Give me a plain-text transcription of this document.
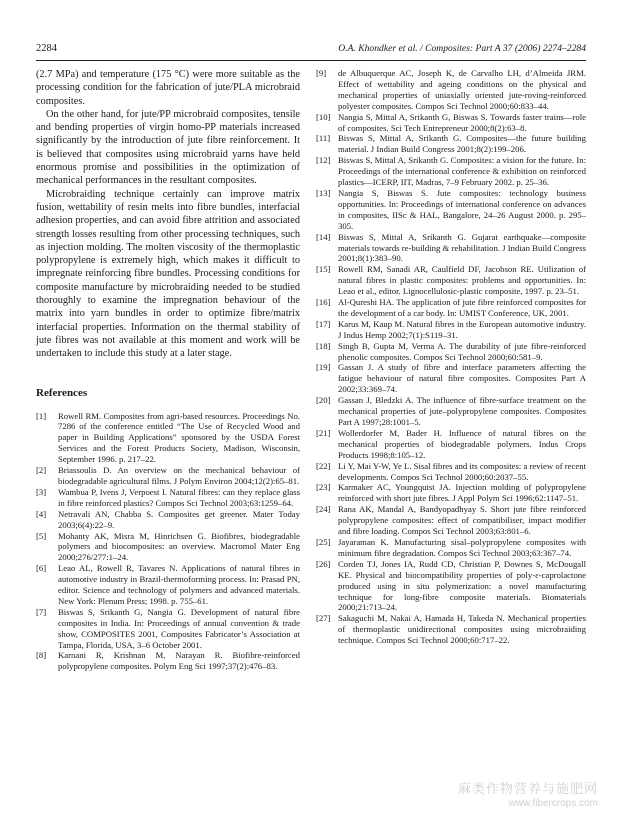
2284	O.A. Khondker et al. / Composites: Part A 37 (2006) 2274–2284

(2.7 MPa) and temperature (175 °C) were more suitable as the processing condition for the fabrication of jute/PLA microbraid composites.

On the other hand, for jute/PP microbraid composites, tensile and bending properties of virgin homo-PP materials increased significantly by the introduction of jute fibre reinforcement. It is believed that composites using microbraid yarns have held enormous promise and possibilities in the optimization of mechanical performances in the resultant composites.

Microbraiding technique certainly can improve matrix fusion, wettability of resin melts into fibre bundles, interfacial adhesion properties, and can avoid fibre attrition and associated strength losses resulting from other processing techniques, such as injection molding. The molten viscosity of the thermoplastic polypropylene is extremely high, which makes it difficult to impregnate reinforcing fibre bundles. Processing conditions for composite manufacture by microbraiding needed to be studied thoroughly to examine the impregnation behaviour of the matrix into yarn bundles in order to optimize fibre/matrix interfacial properties. Information on the thermal stability of jute fibres was not available at this moment and work will be undertaken to include this study at a later stage.

References
[1]	Rowell RM. Composites from agri-based resources. Proceedings No. 7286 of the conference entitled “The Use of Recycled Wood and paper in Building Applications” sponsored by the USDA Forest Services and the Forest Products Society, Madison, Wisconsin, September 1996. p. 217–22.
[2]	Briassoulis D. An overview on the mechanical behaviour of biodegradable agricultural films. J Polym Environ 2004;12(2):65–81.
[3]	Wambua P, Ivens J, Verpoest I. Natural fibres: can they replace glass in fibre reinforced plastics? Compos Sci Technol 2003;63:1259–64.
[4]	Netravali AN, Chabba S. Composites get greener. Mater Today 2003;6(4):22–9.
[5]	Mohanty AK, Misra M, Hinrichsen G. Biofibres, biodegradable polymers and biocomposites: an overview. Macromol Mater Eng 2000;276/277:1–24.
[6]	Leao AL, Rowell R, Tavares N. Applications of natural fibres in automotive industry in Brazil-thermoforming process. In: Prasad PN, editor. Science and technology of polymers and advanced materials. New York: Plenum Press; 1998. p. 755–61.
[7]	Biswas S, Srikanth G, Nangia G. Development of natural fibre composites in India. In: Proceedings of annual convention & trade show, COMPOSITES 2001, Composites Fabricator’s Association at Tampa, Florida, USA, 3–6 October 2001.
[8]	Karnani R, Krishnan M, Narayan R. Biofibre-reinforced polypropylene composites. Polym Eng Sci 1997;37(2):476–83.
[9]	de Albuquerque AC, Joseph K, de Carvalho LH, d’Almeida JRM. Effect of wettability and ageing conditions on the physical and mechanical properties of uniaxially oriented jute-roving-reinforced polyester composites. Compos Sci Technol 2000;60:833–44.
[10] Nangia S, Mittal A, Srikanth G, Biswas S. Towards faster trains—role of composites. Sci Tech Entrepreneur 2000;8(2):63–8.
[11] Biswas S, Mittal A, Srikanth G. Composites—the future building material. J Indian Build Congress 2001;8(2):199–206.
[12] Biswas S, Mittal A, Srikanth G. Composites: a vision for the future. In: Proceedings of the international conference & exhibition on reinforced plastics—ICERP, IIT, Madras, 7–9 February 2002. p. 25–36.
[13] Nangia S, Biswas S. Jute composites: technology business opportunities. In: Proceedings of international conference on advances in composites, IISc & HAL, Bangalore, 24–26 August 2000. p. 295–305.
[14] Biswas S, Mittal A, Srikanth G. Gujarat earthquake—composite materials towards re-building & rehabilitation. J Indian Build Congress 2001;8(1):383–90.
[15] Rowell RM, Sanadi AR, Caulfield DF, Jacobson RE. Utilization of natural fibres in plastic composites: problems and opportunities. In: Leao et al., editor. Lignocellulosic-plastic composite, 1997. p. 23–51.
[16] Al-Qureshi HA. The application of jute fibre reinforced composites for the development of a car body. In: UMIST Conference, UK, 2001.
[17] Karus M, Kaup M. Natural fibres in the European automotive industry. J Indus Hemp 2002;7(1):S119–31.
[18] Singh B, Gupta M, Verma A. The durability of jute fibre-reinforced phenolic composites. Compos Sci Technol 2000;60:581–9.
[19] Gassan J. A study of fibre and interface parameters affecting the fatigue behaviour of natural fibre composites. Composites Part A 2002;33:369–74.
[20] Gassan J, Bledzki A. The influence of fibre-surface treatment on the mechanical properties of jute–polypropylene composites. Composites Part A 1997;28:1001–5.
[21] Wollerdorfer M, Bader H. Influence of natural fibres on the mechanical properties of biodegradable polymers. Indus Crops Products 1998;8:105–12.
[22] Li Y, Mai Y-W, Ye L. Sisal fibres and its composites: a review of recent developments. Compos Sci Technol 2000;60:2037–55.
[23] Karmaker AC, Youngquist JA. Injection molding of polypropylene reinforced with short jute fibres. J Appl Polym Sci 1996;62:1147–51.
[24] Rana AK, Mandal A, Bandyopadhyay S. Short jute fibre reinforced polypropylene composites: effect of compatibiliser, impact modifier and fibre loading. Compos Sci Technol 2003;63:801–6.
[25] Jayaraman K. Manufacturing sisal–polypropylene composites with minimum fibre degradation. Compos Sci Technol 2003;63:367–74.
[26] Corden TJ, Jones IA, Rudd CD, Christian P, Downes S, McDougall KE. Physical and biocompatibility properties of poly-ε-caprolactone produced using in situ polymerization: a novel manufacturing technique for long-fibre composite materials. Biomaterials 2000;21:713–24.
[27] Sakaguchi M, Nakai A, Hamada H, Takeda N. Mechanical properties of thermoplastic unidirectional composites using microbraiding technique. Compos Sci Technol 2000;60:717–22.
麻类作物营养与施肥网
www.fibercrops.com
